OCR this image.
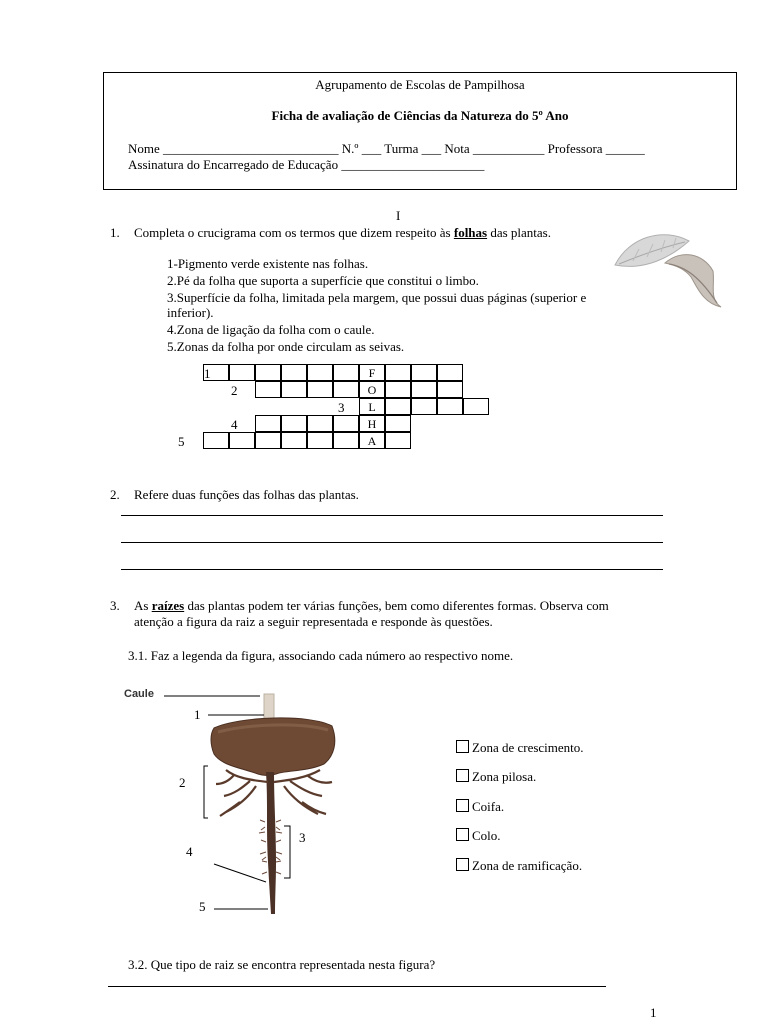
Agrupamento de Escolas de Pampilhosa
Ficha de avaliação de Ciências da Natureza do 5º Ano
Nome ___________________________ N.º ___ Turma ___ Nota ___________ Professora ______
Assinatura do Encarregado de Educação ______________________
I
1. Completa o crucigrama com os termos que dizem respeito às folhas das plantas.
1-Pigmento verde existente nas folhas.
2.Pé da folha que suporta a superfície que constitui o limbo.
3.Superfície da folha, limitada pela margem, que possui duas páginas (superior e
inferior).
4.Zona de ligação da folha com o caule.
5.Zonas da folha por onde circulam as seivas.
1
2
3
4
5
F
O
L
H
A
2. Refere duas funções das folhas das plantas.
3. As raízes das plantas podem ter várias funções, bem como diferentes formas. Observa com
atenção a figura da raiz a seguir representada e responde às questões.
3.1. Faz a legenda da figura, associando cada número ao respectivo nome.
Caule
1
2
3
4
5
Zona de crescimento.
Zona pilosa.
Coifa.
Colo.
Zona de ramificação.
3.2. Que tipo de raiz se encontra representada nesta figura?
1
